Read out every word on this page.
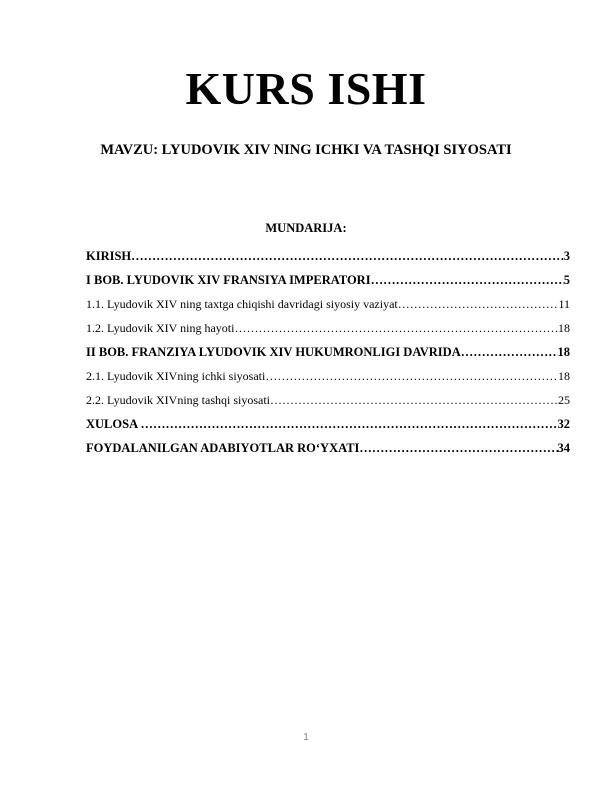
KURS ISHI
MAVZU: LYUDOVIK XIV NING ICHKI VA TASHQI SIYOSATI
MUNDARIJA:
KIRISH ……………………………………………………………………………………………………………………	3
I BOB. LYUDOVIK XIV FRANSIYA IMPERATORI ……………………………………………………………………………………………………………………	5
1.1. Lyudovik XIV ning taxtga chiqishi davridagi siyosiy vaziyat ……………………………………………………………………………………………………………………	11
1.2. Lyudovik XIV ning hayoti ……………………………………………………………………………………………………………………	18
II BOB. FRANZIYA LYUDOVIK XIV HUKUMRONLIGI DAVRIDA ……………………………………………………………………………………………………………………	18
2.1. Lyudovik XIVning ichki siyosati ……………………………………………………………………………………………………………………	18
2.2. Lyudovik XIVning tashqi siyosati ……………………………………………………………………………………………………………………	25
XULOSA ……………………………………………………………………………………………………………………	32
FOYDALANILGAN ADABIYOTLAR RO‘YXATI ……………………………………………………………………………………………………………………	34
1
